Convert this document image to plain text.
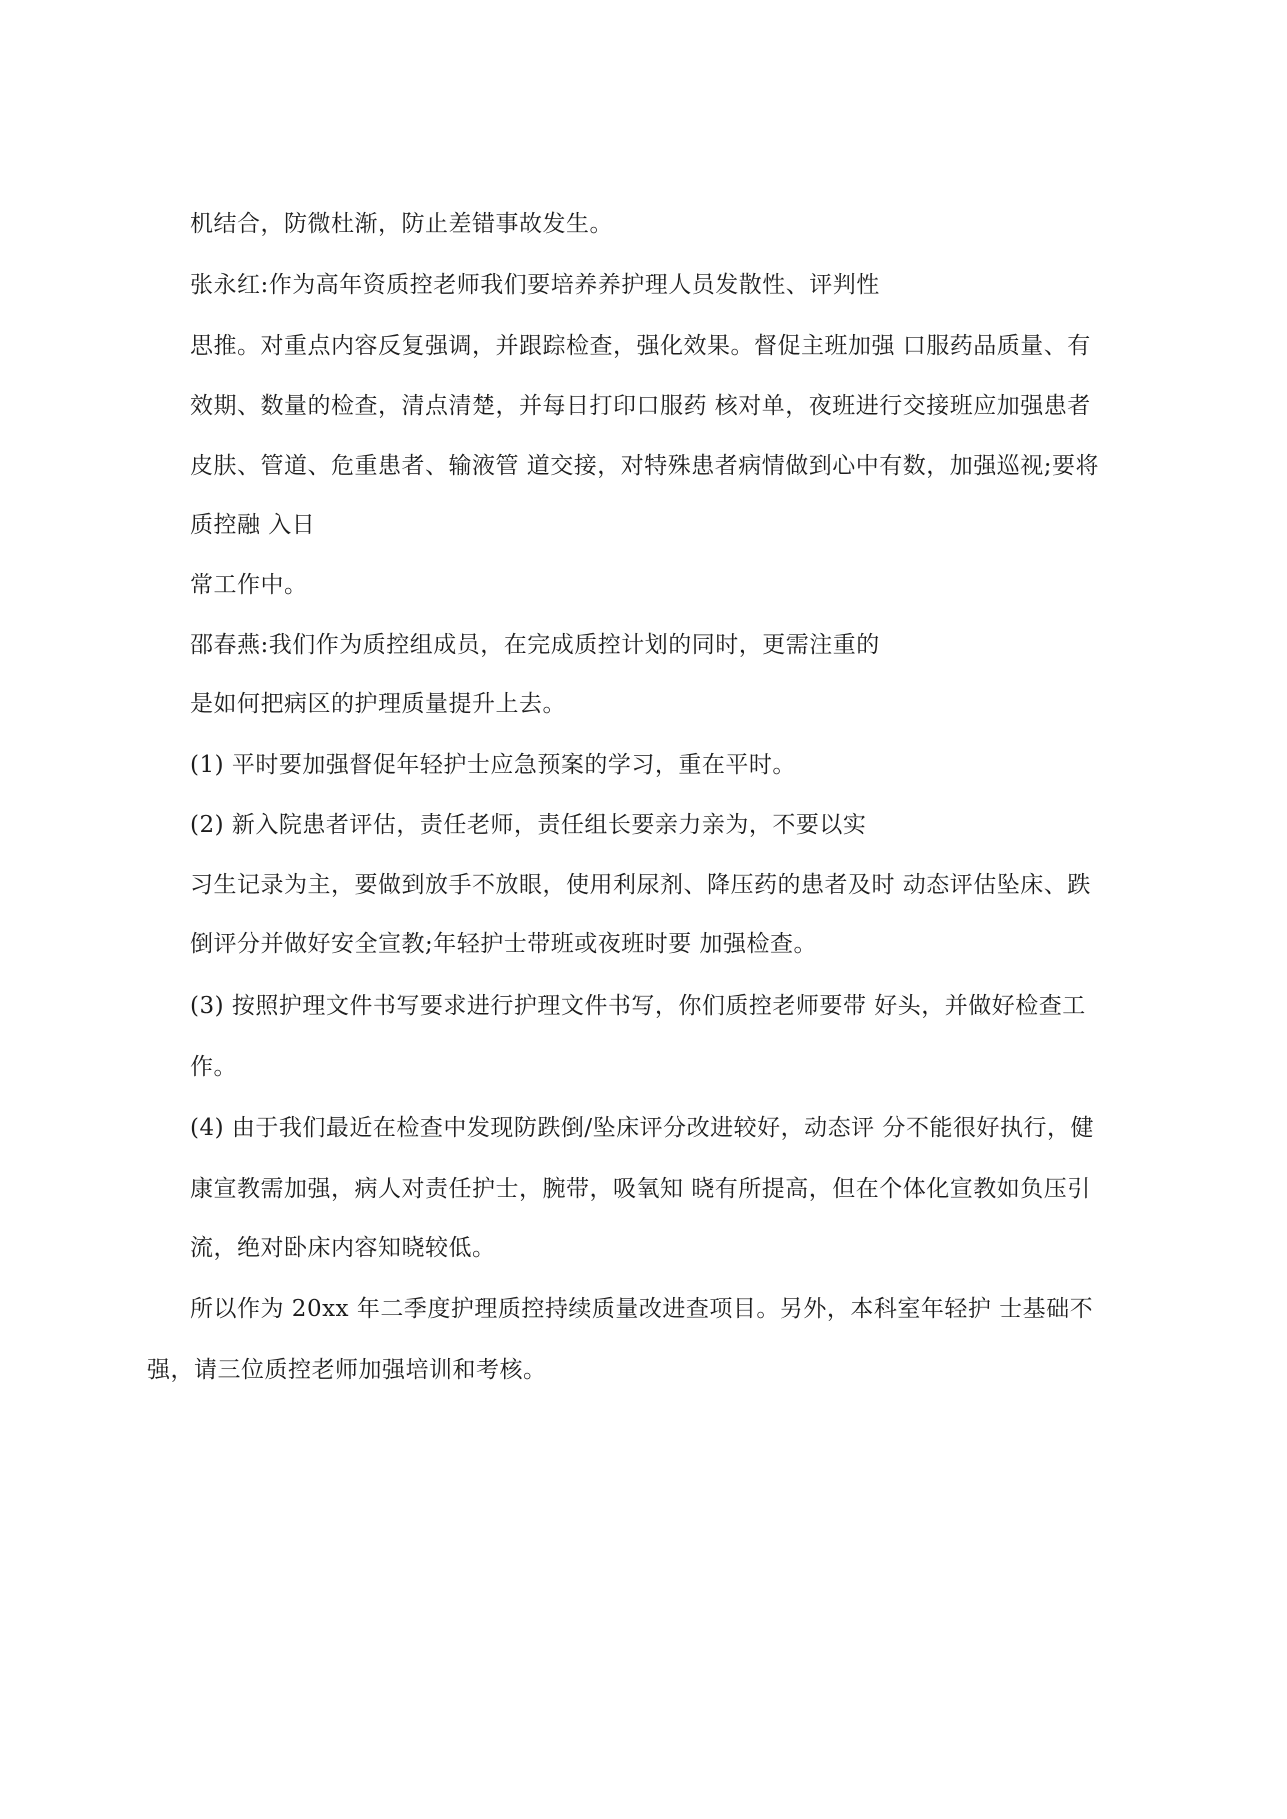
机结合，防微杜渐，防止差错事故发生。
张永红:作为高年资质控老师我们要培养养护理人员发散性、评判性
思推。对重点内容反复强调，并跟踪检查，强化效果。督促主班加强 口服药品质量、有
效期、数量的检查，清点清楚，并每日打印口服药 核对单，夜班进行交接班应加强患者
皮肤、管道、危重患者、输液管 道交接，对特殊患者病情做到心中有数，加强巡视;要将
质控融 入日
常工作中。
邵春燕:我们作为质控组成员，在完成质控计划的同时，更需注重的
是如何把病区的护理质量提升上去。
(1) 平时要加强督促年轻护士应急预案的学习，重在平时。
(2) 新入院患者评估，责任老师，责任组长要亲力亲为，不要以实
习生记录为主，要做到放手不放眼，使用利尿剂、降压药的患者及时 动态评估坠床、跌
倒评分并做好安全宣教;年轻护士带班或夜班时要 加强检查。
(3) 按照护理文件书写要求进行护理文件书写，你们质控老师要带 好头，并做好检查工
作。
(4) 由于我们最近在检查中发现防跌倒/坠床评分改进较好，动态评 分不能很好执行，健
康宣教需加强，病人对责任护士，腕带，吸氧知 晓有所提高，但在个体化宣教如负压引
流，绝对卧床内容知晓较低。
所以作为 20xx 年二季度护理质控持续质量改进查项目。另外，本科室年轻护 士基础不
强，请三位质控老师加强培训和考核。
